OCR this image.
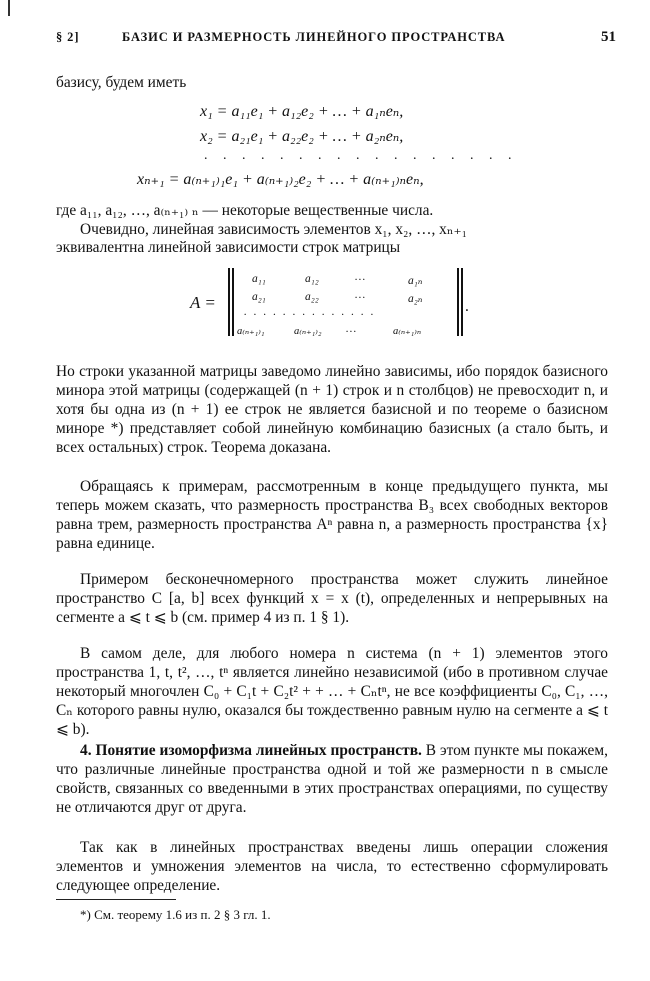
§ 2]	БАЗИС И РАЗМЕРНОСТЬ ЛИНЕЙНОГО ПРОСТРАНСТВА	51
базису, будем иметь
x₁ = a₁₁e₁ + a₁₂e₂ + … + a₁ₙeₙ,
x₂ = a₂₁e₁ + a₂₂e₂ + … + a₂ₙeₙ,
. . . . . . . . . . . . . . . . .
xₙ₊₁ = a₍ₙ₊₁₎₁e₁ + a₍ₙ₊₁₎₂e₂ + … + a₍ₙ₊₁₎ₙeₙ,
где a₁₁, a₁₂, …, a₍ₙ₊₁₎ ₙ — некоторые вещественные числа.
Очевидно, линейная зависимость элементов x₁, x₂, …, xₙ₊₁
эквивалентна линейной зависимости строк матрицы
A =
a₁₁	a₁₂	…	a₁ₙ
a₂₁	a₂₂	…	a₂ₙ
. . . . . . . . . . . . . .
a₍ₙ₊₁₎₁	a₍ₙ₊₁₎₂ …	a₍ₙ₊₁₎ₙ
.
Но строки указанной матрицы заведомо линейно зависимы, ибо порядок базисного минора этой матрицы (содержащей (n + 1) строк и n столбцов) не превосходит n, и хотя бы одна из (n + 1) ее строк не является базисной и по теореме о базисном миноре *) представляет собой линейную комбинацию базисных (а стало быть, и всех остальных) строк. Теорема доказана.
Обращаясь к примерам, рассмотренным в конце предыдущего пункта, мы теперь можем сказать, что размерность пространства B₃ всех свободных векторов равна трем, размерность пространства Aⁿ равна n, а размерность пространства {x} равна единице.
Примером бесконечномерного пространства может служить линейное пространство C [a, b] всех функций x = x (t), определенных и непрерывных на сегменте a ⩽ t ⩽ b (см. пример 4 из п. 1 § 1).
В самом деле, для любого номера n система (n + 1) элементов этого пространства 1, t, t², …, tⁿ является линейно независимой (ибо в противном случае некоторый многочлен C₀ + C₁t + C₂t² + + … + Cₙtⁿ, не все коэффициенты C₀, C₁, …, Cₙ которого равны нулю, оказался бы тождественно равным нулю на сегменте a ⩽ t ⩽ b).
4. Понятие изоморфизма линейных пространств. В этом пункте мы покажем, что различные линейные пространства одной и той же размерности n в смысле свойств, связанных со введенными в этих пространствах операциями, по существу не отличаются друг от друга.
Так как в линейных пространствах введены лишь операции сложения элементов и умножения элементов на числа, то естественно сформулировать следующее определение.
*) См. теорему 1.6 из п. 2 § 3 гл. 1.
